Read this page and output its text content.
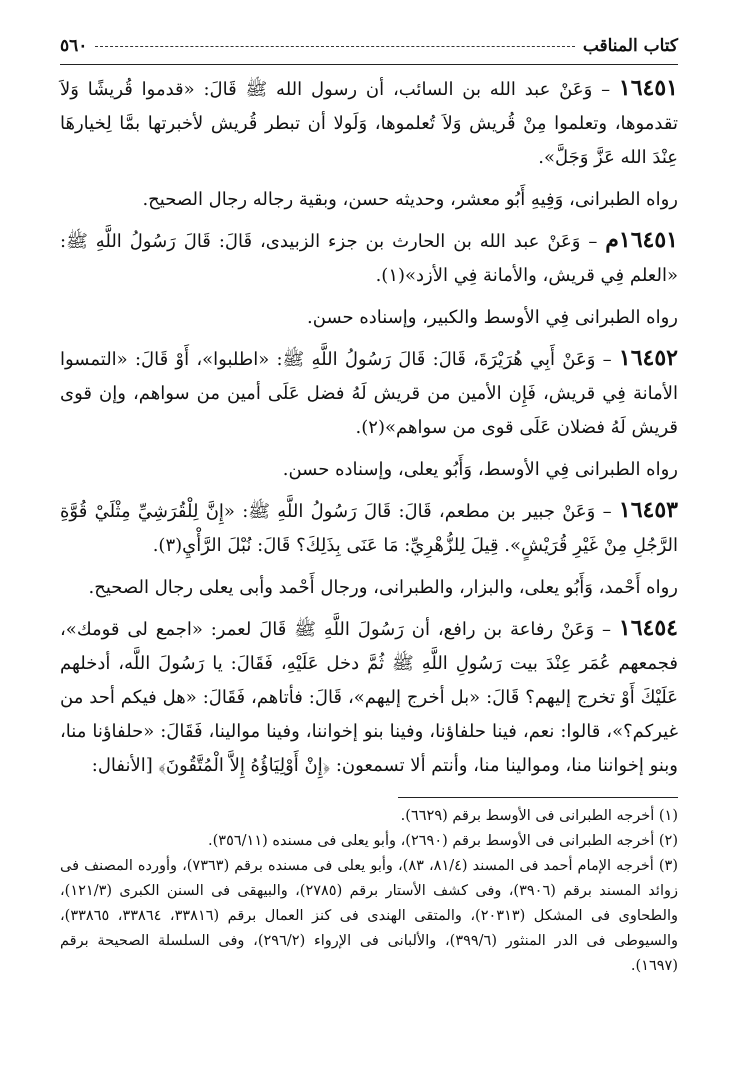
كتاب المناقب
٥٦٠

١٦٤٥١ – وَعَنْ عبد الله بن السائب، أن رسول الله ﷺ قَالَ: «قدموا قُريشًا وَلاَ تقدموها، وتعلموا مِنْ قُريش وَلاَ تُعلموها، وَلَولا أن تبطر قُريش لأخبرتها بمَّا لِخيارهَا عِنْدَ الله عَزَّ وَجَلَّ».

رواه الطبرانى، وَفِيهِ أَبُو معشر، وحديثه حسن، وبقية رجاله رجال الصحيح.

١٦٤٥١م – وَعَنْ عبد الله بن الحارث بن جزء الزبيدى، قَالَ: قَالَ رَسُولُ اللَّهِ ﷺ: «العلم فِي قريش، والأمانة فِي الأزد»(١).

رواه الطبرانى فِي الأوسط والكبير، وإسناده حسن.

١٦٤٥٢ – وَعَنْ أَبِي هُرَيْرَةَ، قَالَ: قَالَ رَسُولُ اللَّهِ ﷺ: «اطلبوا»، أَوْ قَالَ: «التمسوا الأمانة فِي قريش، فَإِن الأمين من قريش لَهُ فضل عَلَى أمين من سواهم، وإن قوى قريش لَهُ فضلان عَلَى قوى من سواهم»(٢).

رواه الطبرانى فِي الأوسط، وَأَبُو يعلى، وإسناده حسن.

١٦٤٥٣ – وَعَنْ جبير بن مطعم، قَالَ: قَالَ رَسُولُ اللَّهِ ﷺ: «إِنَّ لِلْقُرَشِيِّ مِثْلَيْ قُوَّةِ الرَّجُلِ مِنْ غَيْرِ قُرَيْشٍ». قِيلَ لِلزُّهْرِيِّ: مَا عَنَى بِذَلِكَ؟ قَالَ: نُبْلَ الرَّأْيِ(٣).

رواه أَحْمد، وَأَبُو يعلى، والبزار، والطبرانى، ورجال أَحْمد وأبى يعلى رجال الصحيح.

١٦٤٥٤ – وَعَنْ رفاعة بن رافع، أن رَسُولَ اللَّهِ ﷺ قَالَ لعمر: «اجمع لى قومك»، فجمعهم عُمَر عِنْدَ بيت رَسُولِ اللَّهِ ﷺ ثُمَّ دخل عَلَيْهِ، فَقَالَ: يا رَسُولَ اللَّه، أدخلهم عَلَيْكَ أَوْ تخرج إليهم؟ قَالَ: «بل أخرج إليهم»، قَالَ: فأتاهم، فَقَالَ: «هل فيكم أحد من غيركم؟»، قالوا: نعم، فينا حلفاؤنا، وفينا بنو إخواننا، وفينا موالينا، فَقَالَ: «حلفاؤنا منا، وبنو إخواننا منا، وموالينا منا، وأنتم ألا تسمعون: ﴿إِنْ أَوْلِيَاؤُهُ إِلاَّ الْمُتَّقُونَ﴾ [الأنفال:

(١) أخرجه الطبرانى فى الأوسط برقم (٦٦٢٩).
(٢) أخرجه الطبرانى فى الأوسط برقم (٢٦٩٠)، وأبو يعلى فى مسنده (٣٥٦/١١).
(٣) أخرجه الإمام أحمد فى المسند (٨١/٤، ٨٣)، وأبو يعلى فى مسنده برقم (٧٣٦٣)، وأورده المصنف فى زوائد المسند برقم (٣٩٠٦)، وفى كشف الأستار برقم (٢٧٨٥)، والبيهقى فى السنن الكبرى (١٢١/٣)، والطحاوى فى المشكل (٢٠٣١٣)، والمتقى الهندى فى كنز العمال برقم (٣٣٨١٦، ٣٣٨٦٤، ٣٣٨٦٥)، والسيوطى فى الدر المنثور (٣٩٩/٦)، والألبانى فى الإرواء (٢٩٦/٢)، وفى السلسلة الصحيحة برقم (١٦٩٧).
